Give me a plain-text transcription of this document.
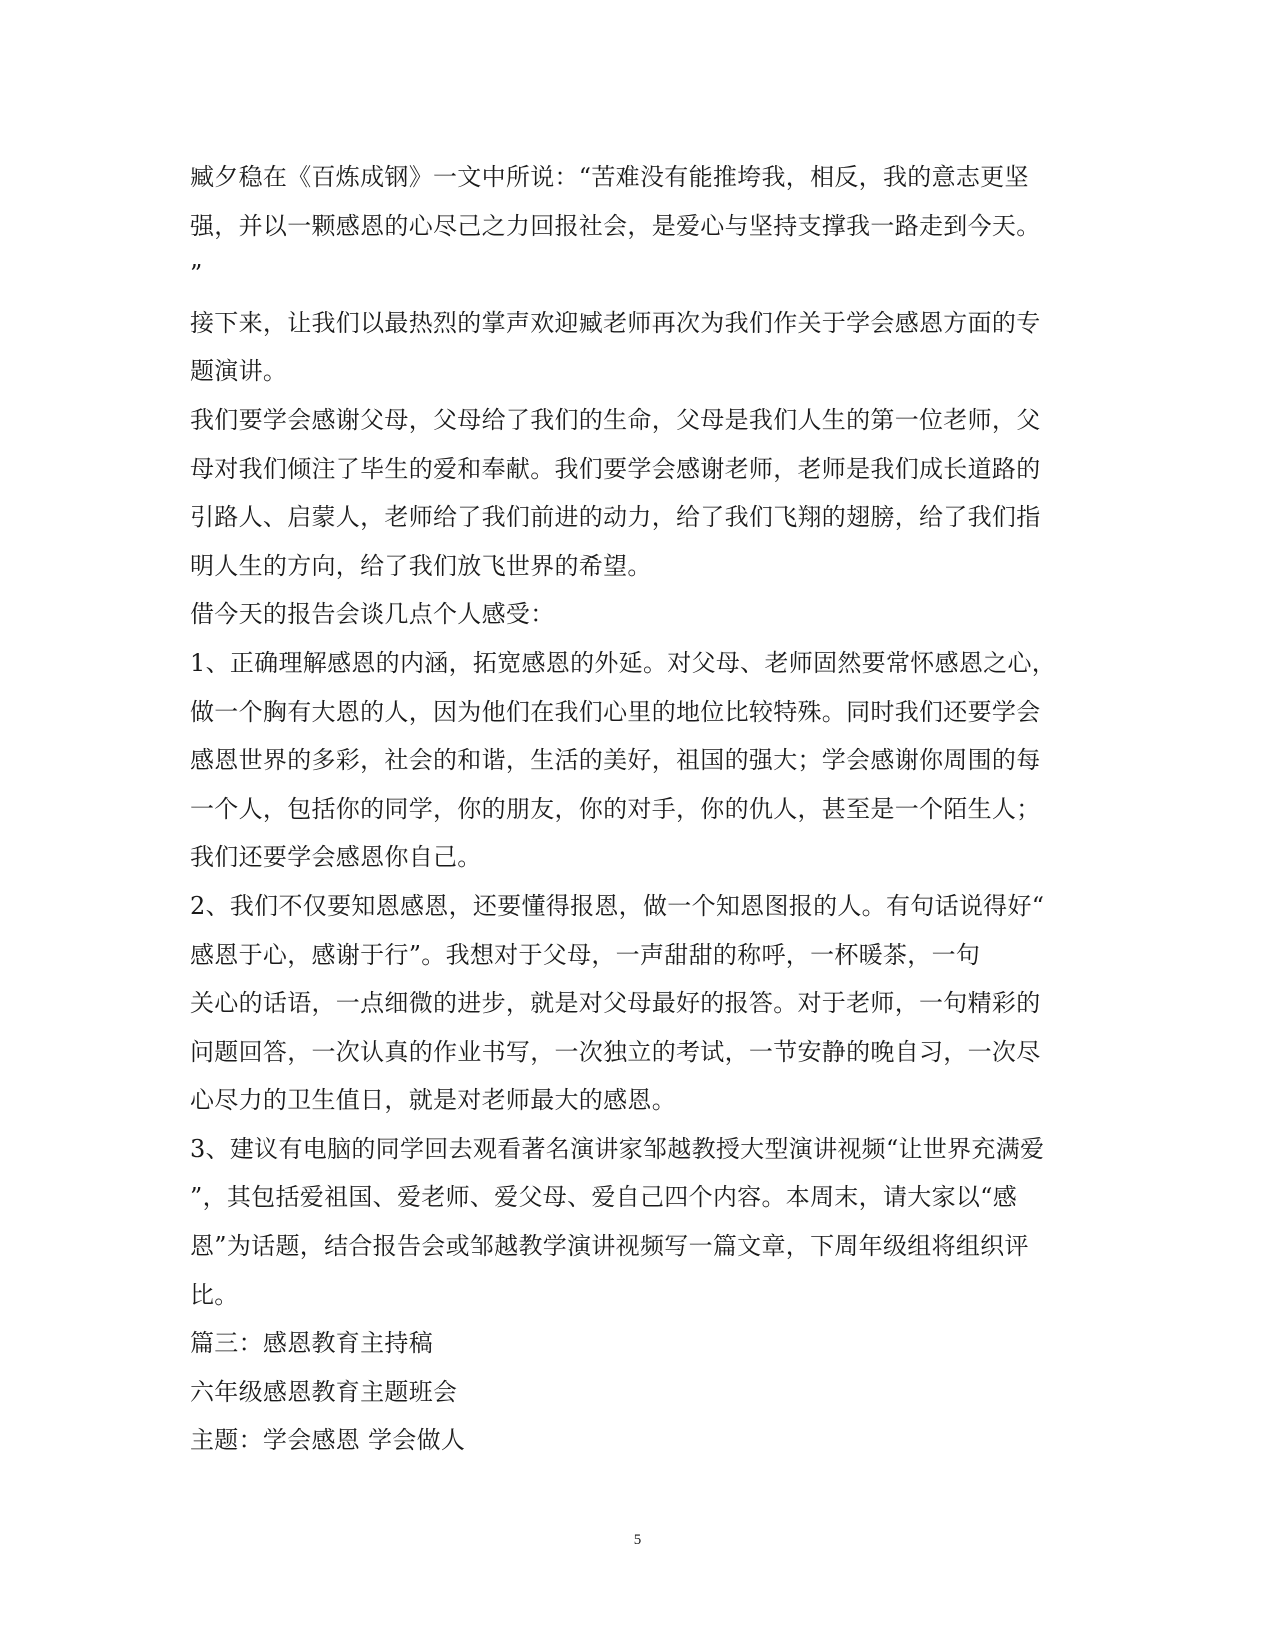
臧夕稳在《百炼成钢》一文中所说：“苦难没有能推垮我，相反，我的意志更坚
强，并以一颗感恩的心尽己之力回报社会，是爱心与坚持支撑我一路走到今天。
”
接下来，让我们以最热烈的掌声欢迎臧老师再次为我们作关于学会感恩方面的专
题演讲。
我们要学会感谢父母，父母给了我们的生命，父母是我们人生的第一位老师，父
母对我们倾注了毕生的爱和奉献。我们要学会感谢老师，老师是我们成长道路的
引路人、启蒙人，老师给了我们前进的动力，给了我们飞翔的翅膀，给了我们指
明人生的方向，给了我们放飞世界的希望。
借今天的报告会谈几点个人感受：
1、正确理解感恩的内涵，拓宽感恩的外延。对父母、老师固然要常怀感恩之心，
做一个胸有大恩的人，因为他们在我们心里的地位比较特殊。同时我们还要学会
感恩世界的多彩，社会的和谐，生活的美好，祖国的强大；学会感谢你周围的每
一个人，包括你的同学，你的朋友，你的对手，你的仇人，甚至是一个陌生人；
我们还要学会感恩你自己。
2、我们不仅要知恩感恩，还要懂得报恩，做一个知恩图报的人。有句话说得好“
感恩于心，感谢于行”。我想对于父母，一声甜甜的称呼，一杯暖茶，一句
关心的话语，一点细微的进步，就是对父母最好的报答。对于老师，一句精彩的
问题回答，一次认真的作业书写，一次独立的考试，一节安静的晚自习，一次尽
心尽力的卫生值日，就是对老师最大的感恩。
3、建议有电脑的同学回去观看著名演讲家邹越教授大型演讲视频“让世界充满爱
”，其包括爱祖国、爱老师、爱父母、爱自己四个内容。本周末，请大家以“感
恩”为话题，结合报告会或邹越教学演讲视频写一篇文章，下周年级组将组织评
比。
篇三：感恩教育主持稿
六年级感恩教育主题班会
主题：学会感恩 学会做人
5
